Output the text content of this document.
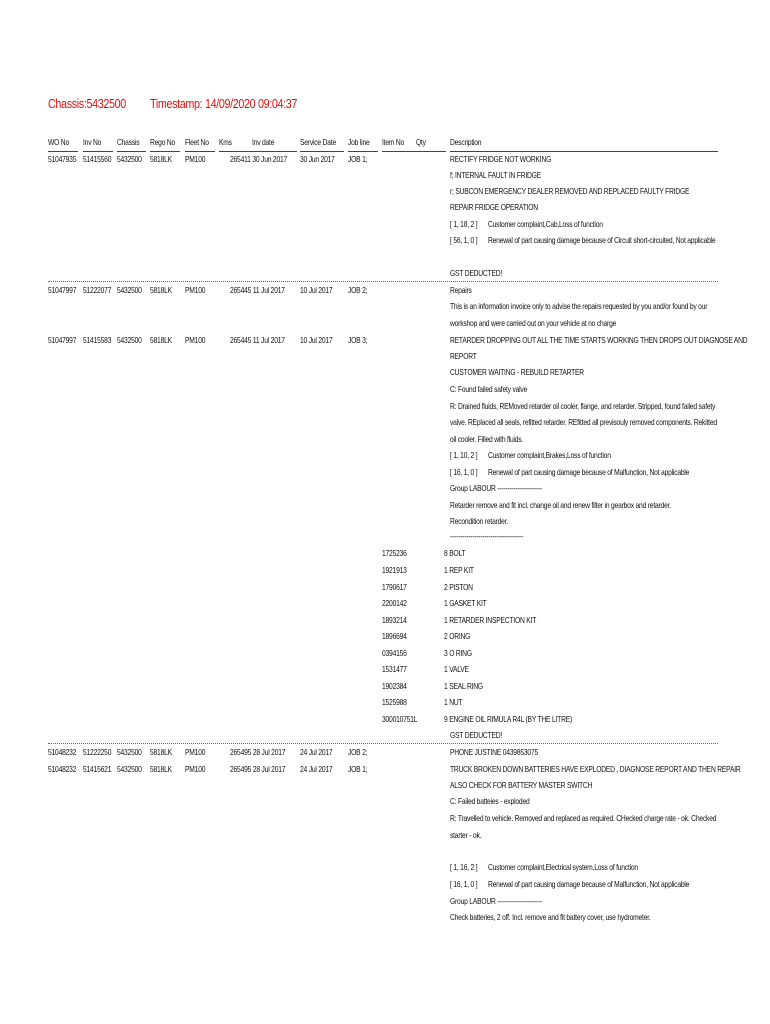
Chassis:5432500 Timestamp: 14/09/2020 09:04:37
WO No Inv No Chassis Rego No Fleet No Kms Inv date	Service Date Job line Item No Qty	Description
51047935 51415560 5432500 5818LK PM100	265411 30 Jun 2017 30 Jun 2017 JOB 1;	RECTIFY FRIDGE NOT WORKING
f; INTERNAL FAULT IN FRIDGE
r; SUBCON EMERGENCY DEALER REMOVED AND REPLACED FAULTY FRIDGE
REPAIR FRIDGE OPERATION
[ 1, 18, 2 ] Customer complaint,Cab,Loss of function
[ 56, 1, 0 ] Renewal of part causing damage because of Circuit short-circuited, Not applicable
GST DEDUCTED!
51047997 51222077 5432500 5818LK PM100	265445 11 Jul 2017 10 Jul 2017 JOB 2;	Repairs
This is an information invoice only to advise the repairs requested by you and/or found by our
workshop and were carried out on your vehicle at no charge
51047997 51415583 5432500 5818LK PM100	265445 11 Jul 2017 10 Jul 2017 JOB 3;	RETARDER DROPPING OUT ALL THE TIME STARTS WORKING THEN DROPS OUT DIAGNOSE AND
REPORT
CUSTOMER WAITING - REBUILD RETARTER
C: Found failed safety valve
R: Drained fluids, REMoved retarder oil cooler, flange, and retarder. Stripped, found failed safety
valve. REplaced all seals, refitted retarder. REfitted all previsouly removed components. Rekitted
oil cooler. Filled with fluids.
[ 1, 10, 2 ] Customer complaint,Brakes,Loss of function
[ 16, 1, 0 ] Renewal of part causing damage because of Malfunction, Not applicable
Group LABOUR ----------------------
Retarder remove and fit incl. change oil and renew filter in gearbox and retarder.
Recondition retarder.
------------------------------------
1725236	8 BOLT
1921913	1 REP KIT
1790617	2 PISTON
2200142	1 GASKET KIT
1893214	1 RETARDER INSPECTION KIT
1896694	2 ORING
0394156	3 O RING
1531477	1 VALVE
1902384	1 SEAL RING
1525988	1 NUT
300010751L	9 ENGINE OIL RIMULA R4L (BY THE LITRE)
GST DEDUCTED!
51048232 51222250 5432500 5818LK PM100	265495 28 Jul 2017 24 Jul 2017 JOB 2;	PHONE JUSTINE 0439853075
51048232 51415621 5432500 5818LK PM100	265495 28 Jul 2017 24 Jul 2017 JOB 1;	TRUCK BROKEN DOWN BATTERIES HAVE EXPLODED , DIAGNOSE REPORT AND THEN REPAIR
ALSO CHECK FOR BATTERY MASTER SWITCH
C: Failed batteies - exploded
R: Travelled to vehicle. Removed and replaced as required. CHecked charge rate - ok. Checked
starter - ok.
[ 1, 16, 2 ] Customer complaint,Electrical system,Loss of function
[ 16, 1, 0 ] Renewal of part causing damage because of Malfunction, Not applicable
Group LABOUR ----------------------
Check batteries, 2 off. Incl. remove and fit battery cover, use hydrometer.
